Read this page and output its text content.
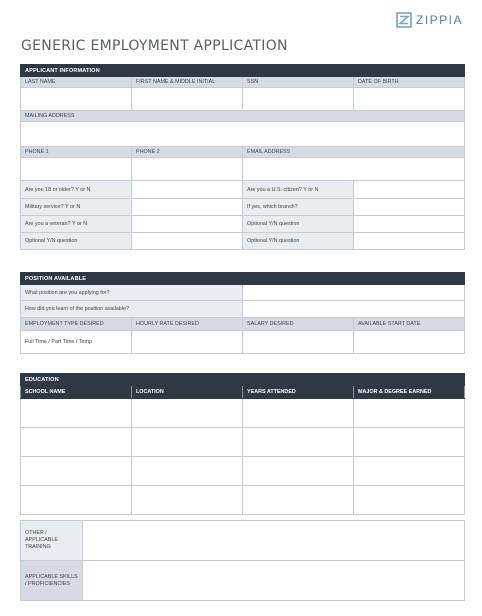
ZIPPIA
GENERIC EMPLOYMENT APPLICATION
APPLICANT INFORMATION			
LAST NAME	FIRST NAME & MIDDLE INITIAL	SSN	DATE OF BIRTH

MAILING ADDRESS			

PHONE 1	PHONE 2	EMAIL ADDRESS	

Are you 18 or older? Y or N		Are you a U.S. citizen? Y or N	
Military service? Y or N		If yes, which branch?	
Are you a veteran? Y or N		Optional Y/N question	
Optional Y/N question		Optional Y/N question	
POSITION AVAILABLE			
What position are you applying for?			
How did you learn of the position available?			
EMPLOYMENT TYPE DESIRED	HOURLY RATE DESIRED	SALARY DESIRED	AVAILABLE START DATE
Full Time / Part Time / Temp			
EDUCATION			
SCHOOL NAME	LOCATION	YEARS ATTENDED	MAJOR & DEGREE EARNED

OTHER / APPLICABLE TRAINING	
APPLICABLE SKILLS / PROFICIENCIES	
